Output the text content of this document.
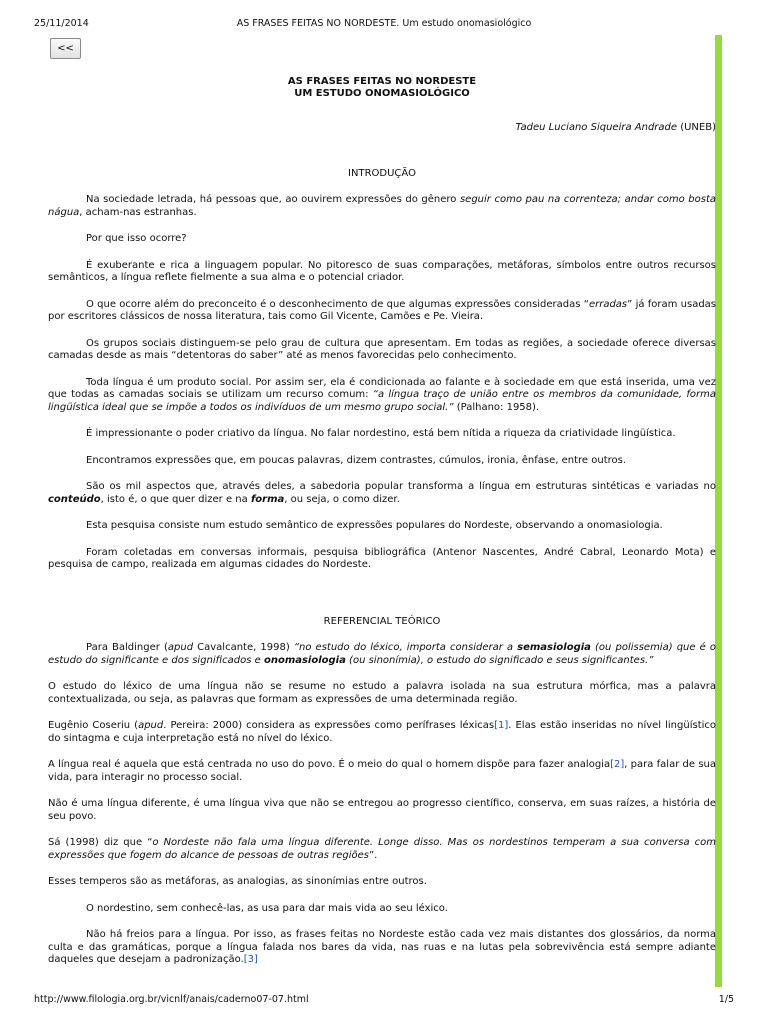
25/11/2014	AS FRASES FEITAS NO NORDESTE. Um estudo onomasiológico
<<
AS FRASES FEITAS NO NORDESTE
UM ESTUDO ONOMASIOLÓGICO
Tadeu Luciano Siqueira Andrade (UNEB)
INTRODUÇÃO

Na sociedade letrada, há pessoas que, ao ouvirem expressões do gênero seguir como pau na correnteza; andar como bosta nágua, acham-nas estranhas.

Por que isso ocorre?

É exuberante e rica a linguagem popular. No pitoresco de suas comparações, metáforas, símbolos entre outros recursos semânticos, a língua reflete fielmente a sua alma e o potencial criador.

O que ocorre além do preconceito é o desconhecimento de que algumas expressões consideradas “erradas” já foram usadas por escritores clássicos de nossa literatura, tais como Gil Vicente, Camões e Pe. Vieira.

Os grupos sociais distinguem-se pelo grau de cultura que apresentam. Em todas as regiões, a sociedade oferece diversas camadas desde as mais “detentoras do saber” até as menos favorecidas pelo conhecimento.

Toda língua é um produto social. Por assim ser, ela é condicionada ao falante e à sociedade em que está inserida, uma vez que todas as camadas sociais se utilizam um recurso comum: “a língua traço de união entre os membros da comunidade, forma lingüística ideal que se impõe a todos os indivíduos de um mesmo grupo social.” (Palhano: 1958).

É impressionante o poder criativo da língua. No falar nordestino, está bem nítida a riqueza da criatividade lingüística.

Encontramos expressões que, em poucas palavras, dizem contrastes, cúmulos, ironia, ênfase, entre outros.

São os mil aspectos que, através deles, a sabedoria popular transforma a língua em estruturas sintéticas e variadas no conteúdo, isto é, o que quer dizer e na forma, ou seja, o como dizer.

Esta pesquisa consiste num estudo semântico de expressões populares do Nordeste, observando a onomasiologia.

Foram coletadas em conversas informais, pesquisa bibliográfica (Antenor Nascentes, André Cabral, Leonardo Mota) e pesquisa de campo, realizada em algumas cidades do Nordeste.

REFERENCIAL TEÓRICO

Para Baldinger (apud Cavalcante, 1998) “no estudo do léxico, importa considerar a semasiologia (ou polissemia) que é o estudo do significante e dos significados e onomasiologia (ou sinonímia), o estudo do significado e seus significantes.”

O estudo do léxico de uma língua não se resume no estudo a palavra isolada na sua estrutura mórfica, mas a palavra contextualizada, ou seja, as palavras que formam as expressões de uma determinada região.

Eugênio Coseriu (apud. Pereira: 2000) considera as expressões como perífrases léxicas[1]. Elas estão inseridas no nível lingüístico do sintagma e cuja interpretação está no nível do léxico.

A língua real é aquela que está centrada no uso do povo. É o meio do qual o homem dispõe para fazer analogia[2], para falar de sua vida, para interagir no processo social.

Não é uma língua diferente, é uma língua viva que não se entregou ao progresso científico, conserva, em suas raízes, a história de seu povo.

Sá (1998) diz que “o Nordeste não fala uma língua diferente. Longe disso. Mas os nordestinos temperam a sua conversa com expressões que fogem do alcance de pessoas de outras regiões”.

Esses temperos são as metáforas, as analogias, as sinonímias entre outros.

O nordestino, sem conhecê-las, as usa para dar mais vida ao seu léxico.

Não há freios para a língua. Por isso, as frases feitas no Nordeste estão cada vez mais distantes dos glossários, da norma culta e das gramáticas, porque a língua falada nos bares da vida, nas ruas e na lutas pela sobrevivência está sempre adiante daqueles que desejam a padronização.[3]

http://www.filologia.org.br/vicnlf/anais/caderno07-07.html	1/5
